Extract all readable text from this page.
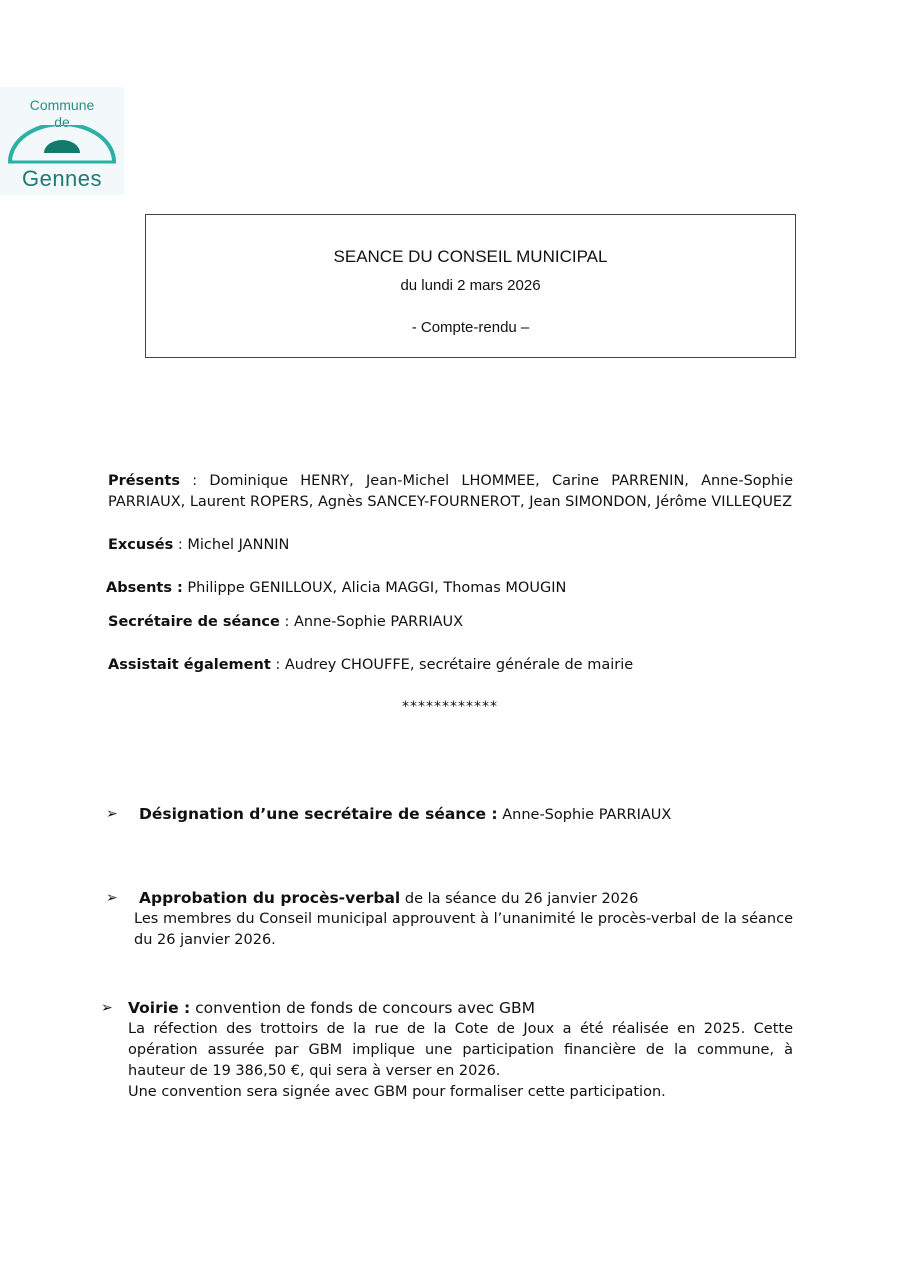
Commune
de
Gennes
SEANCE DU CONSEIL MUNICIPAL
du lundi 2 mars 2026
- Compte-rendu –
Présents : Dominique HENRY, Jean-Michel LHOMMEE, Carine PARRENIN, Anne-Sophie PARRIAUX, Laurent ROPERS, Agnès SANCEY-FOURNEROT, Jean SIMONDON, Jérôme VILLEQUEZ
Excusés : Michel JANNIN
Absents : Philippe GENILLOUX, Alicia MAGGI, Thomas MOUGIN
Secrétaire de séance : Anne-Sophie PARRIAUX
Assistait également : Audrey CHOUFFE, secrétaire générale de mairie
************
➢ Désignation d’une secrétaire de séance : Anne-Sophie PARRIAUX
➢ Approbation du procès-verbal de la séance du 26 janvier 2026
Les membres du Conseil municipal approuvent à l’unanimité le procès-verbal de la séance du 26 janvier 2026.
➢ Voirie : convention de fonds de concours avec GBM
La réfection des trottoirs de la rue de la Cote de Joux a été réalisée en 2025. Cette opération assurée par GBM implique une participation financière de la commune, à hauteur de 19 386,50 €, qui sera à verser en 2026.
Une convention sera signée avec GBM pour formaliser cette participation.
